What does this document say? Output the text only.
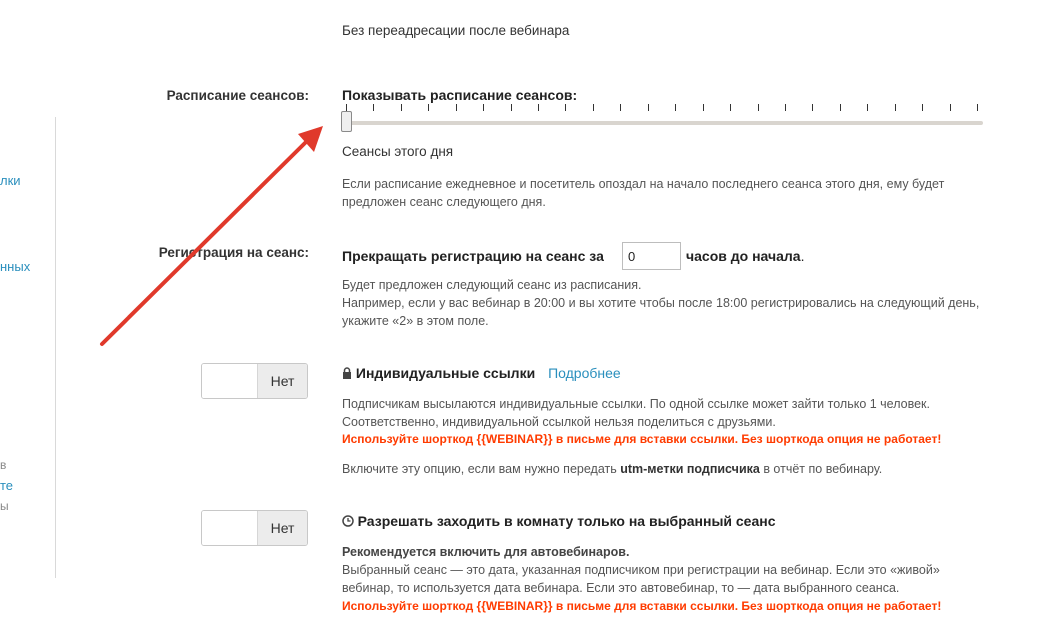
лки
нных
в
те
ы
Без переадресации после вебинара
Расписание сеансов: Показывать расписание сеансов:
Сеансы этого дня
Если расписание ежедневное и посетитель опоздал на начало последнего сеанса этого дня, ему будет предложен сеанс следующего дня.
Регистрация на сеанс: Прекращать регистрацию на сеанс за
0	часов до начала.
Будет предложен следующий сеанс из расписания.
Например, если у вас вебинар в 20:00 и вы хотите чтобы после 18:00 регистрировались на следующий день, укажите «2» в этом поле.
Нет	Индивидуальные ссылки Подробнее
Подписчикам высылаются индивидуальные ссылки. По одной ссылке может зайти только 1 человек. Соответственно, индивидуальной ссылкой нельзя поделиться с друзьями.
Используйте шорткод {{WEBINAR}} в письме для вставки ссылки. Без шорткода опция не работает!
Включите эту опцию, если вам нужно передать utm-метки подписчика в отчёт по вебинару.
Нет	Разрешать заходить в комнату только на выбранный сеанс
Рекомендуется включить для автовебинаров.
Выбранный сеанс — это дата, указанная подписчиком при регистрации на вебинар. Если это «живой» вебинар, то используется дата вебинара. Если это автовебинар, то — дата выбранного сеанса.
Используйте шорткод {{WEBINAR}} в письме для вставки ссылки. Без шорткода опция не работает!
